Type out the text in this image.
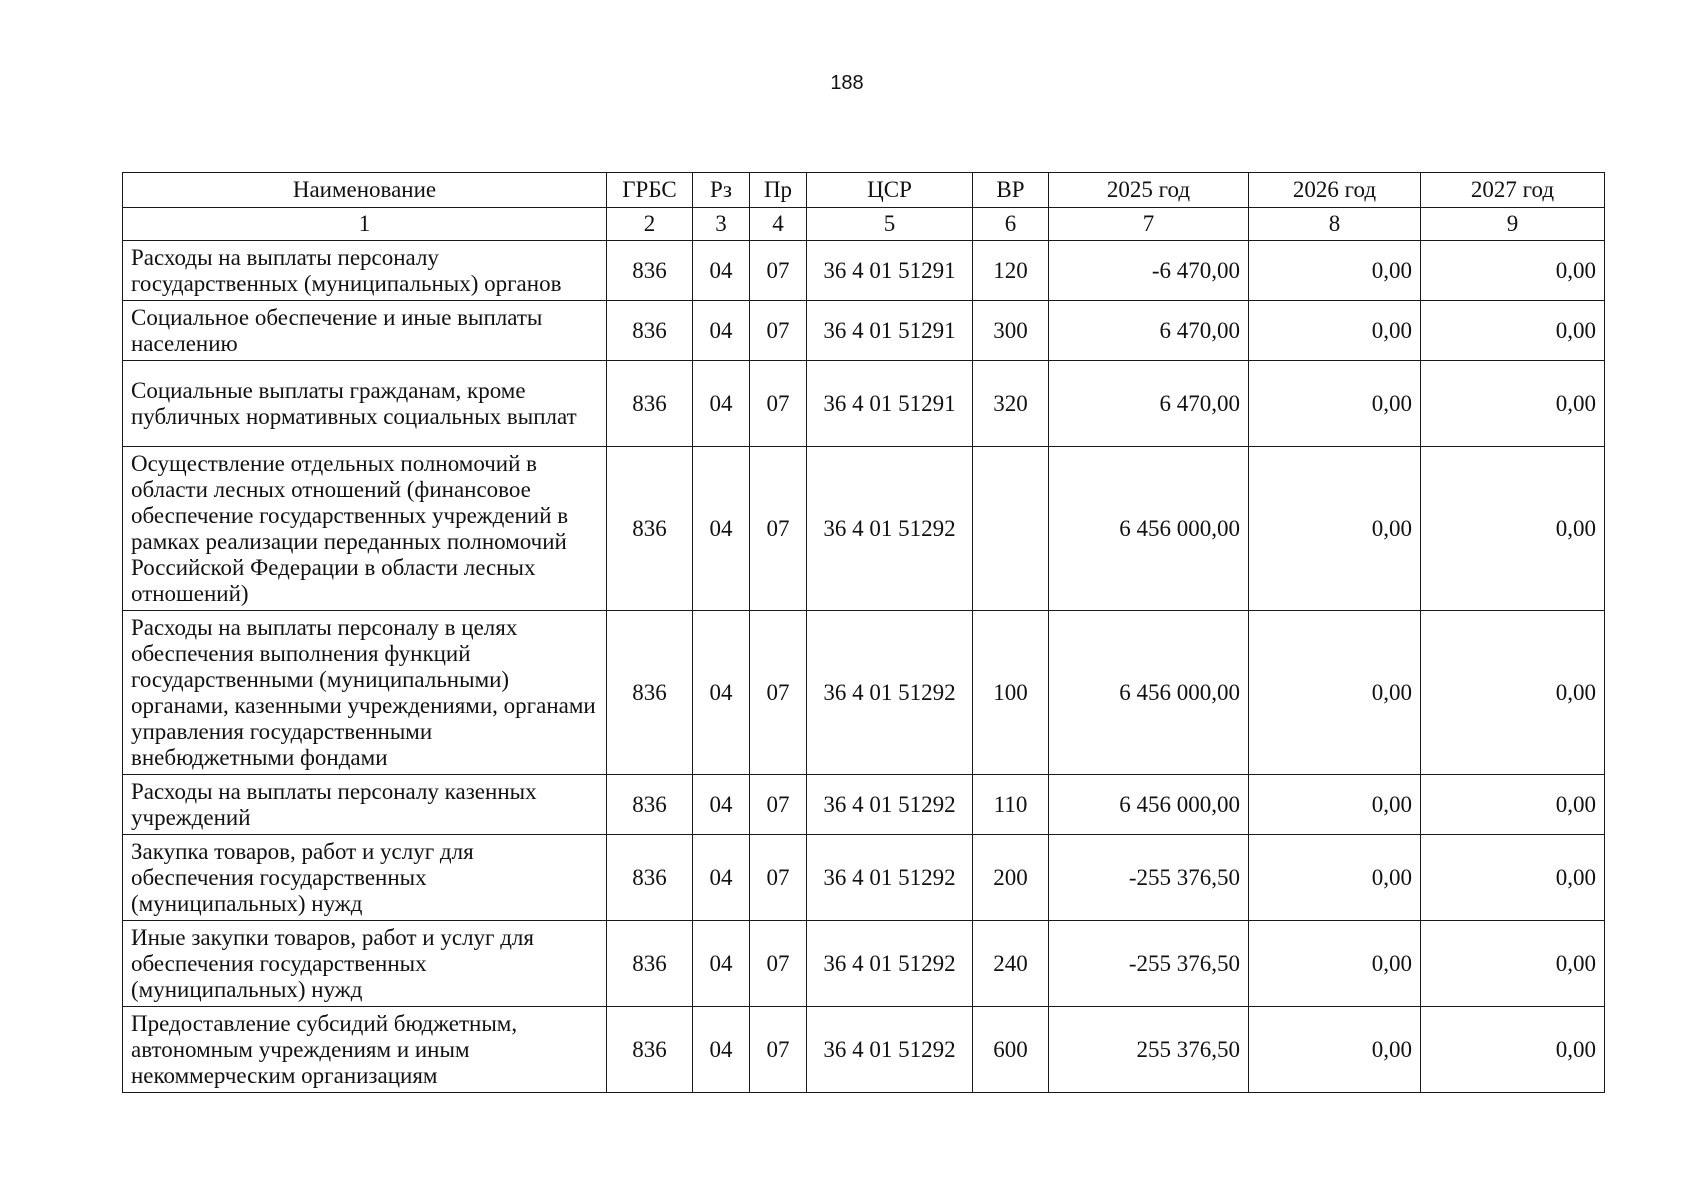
188
Наименование	ГРБС	Рз	Пр	ЦСР	ВР	2025 год	2026 год	2027 год
1	2	3	4	5	6	7	8	9
Расходы на выплаты персоналу государственных (муниципальных) органов	836	04	07	36 4 01 51291	120	-6 470,00	0,00	0,00
Социальное обеспечение и иные выплаты населению	836	04	07	36 4 01 51291	300	6 470,00	0,00	0,00
Социальные выплаты гражданам, кроме публичных нормативных социальных выплат	836	04	07	36 4 01 51291	320	6 470,00	0,00	0,00
Осуществление отдельных полномочий в области лесных отношений (финансовое обеспечение государственных учреждений в рамках реализации переданных полномочий Российской Федерации в области лесных отношений)	836	04	07	36 4 01 51292		6 456 000,00	0,00	0,00
Расходы на выплаты персоналу в целях обеспечения выполнения функций государственными (муниципальными) органами, казенными учреждениями, органами управления государственными внебюджетными фондами	836	04	07	36 4 01 51292	100	6 456 000,00	0,00	0,00
Расходы на выплаты персоналу казенных учреждений	836	04	07	36 4 01 51292	110	6 456 000,00	0,00	0,00
Закупка товаров, работ и услуг для обеспечения государственных (муниципальных) нужд	836	04	07	36 4 01 51292	200	-255 376,50	0,00	0,00
Иные закупки товаров, работ и услуг для обеспечения государственных (муниципальных) нужд	836	04	07	36 4 01 51292	240	-255 376,50	0,00	0,00
Предоставление субсидий бюджетным, автономным учреждениям и иным некоммерческим организациям	836	04	07	36 4 01 51292	600	255 376,50	0,00	0,00
